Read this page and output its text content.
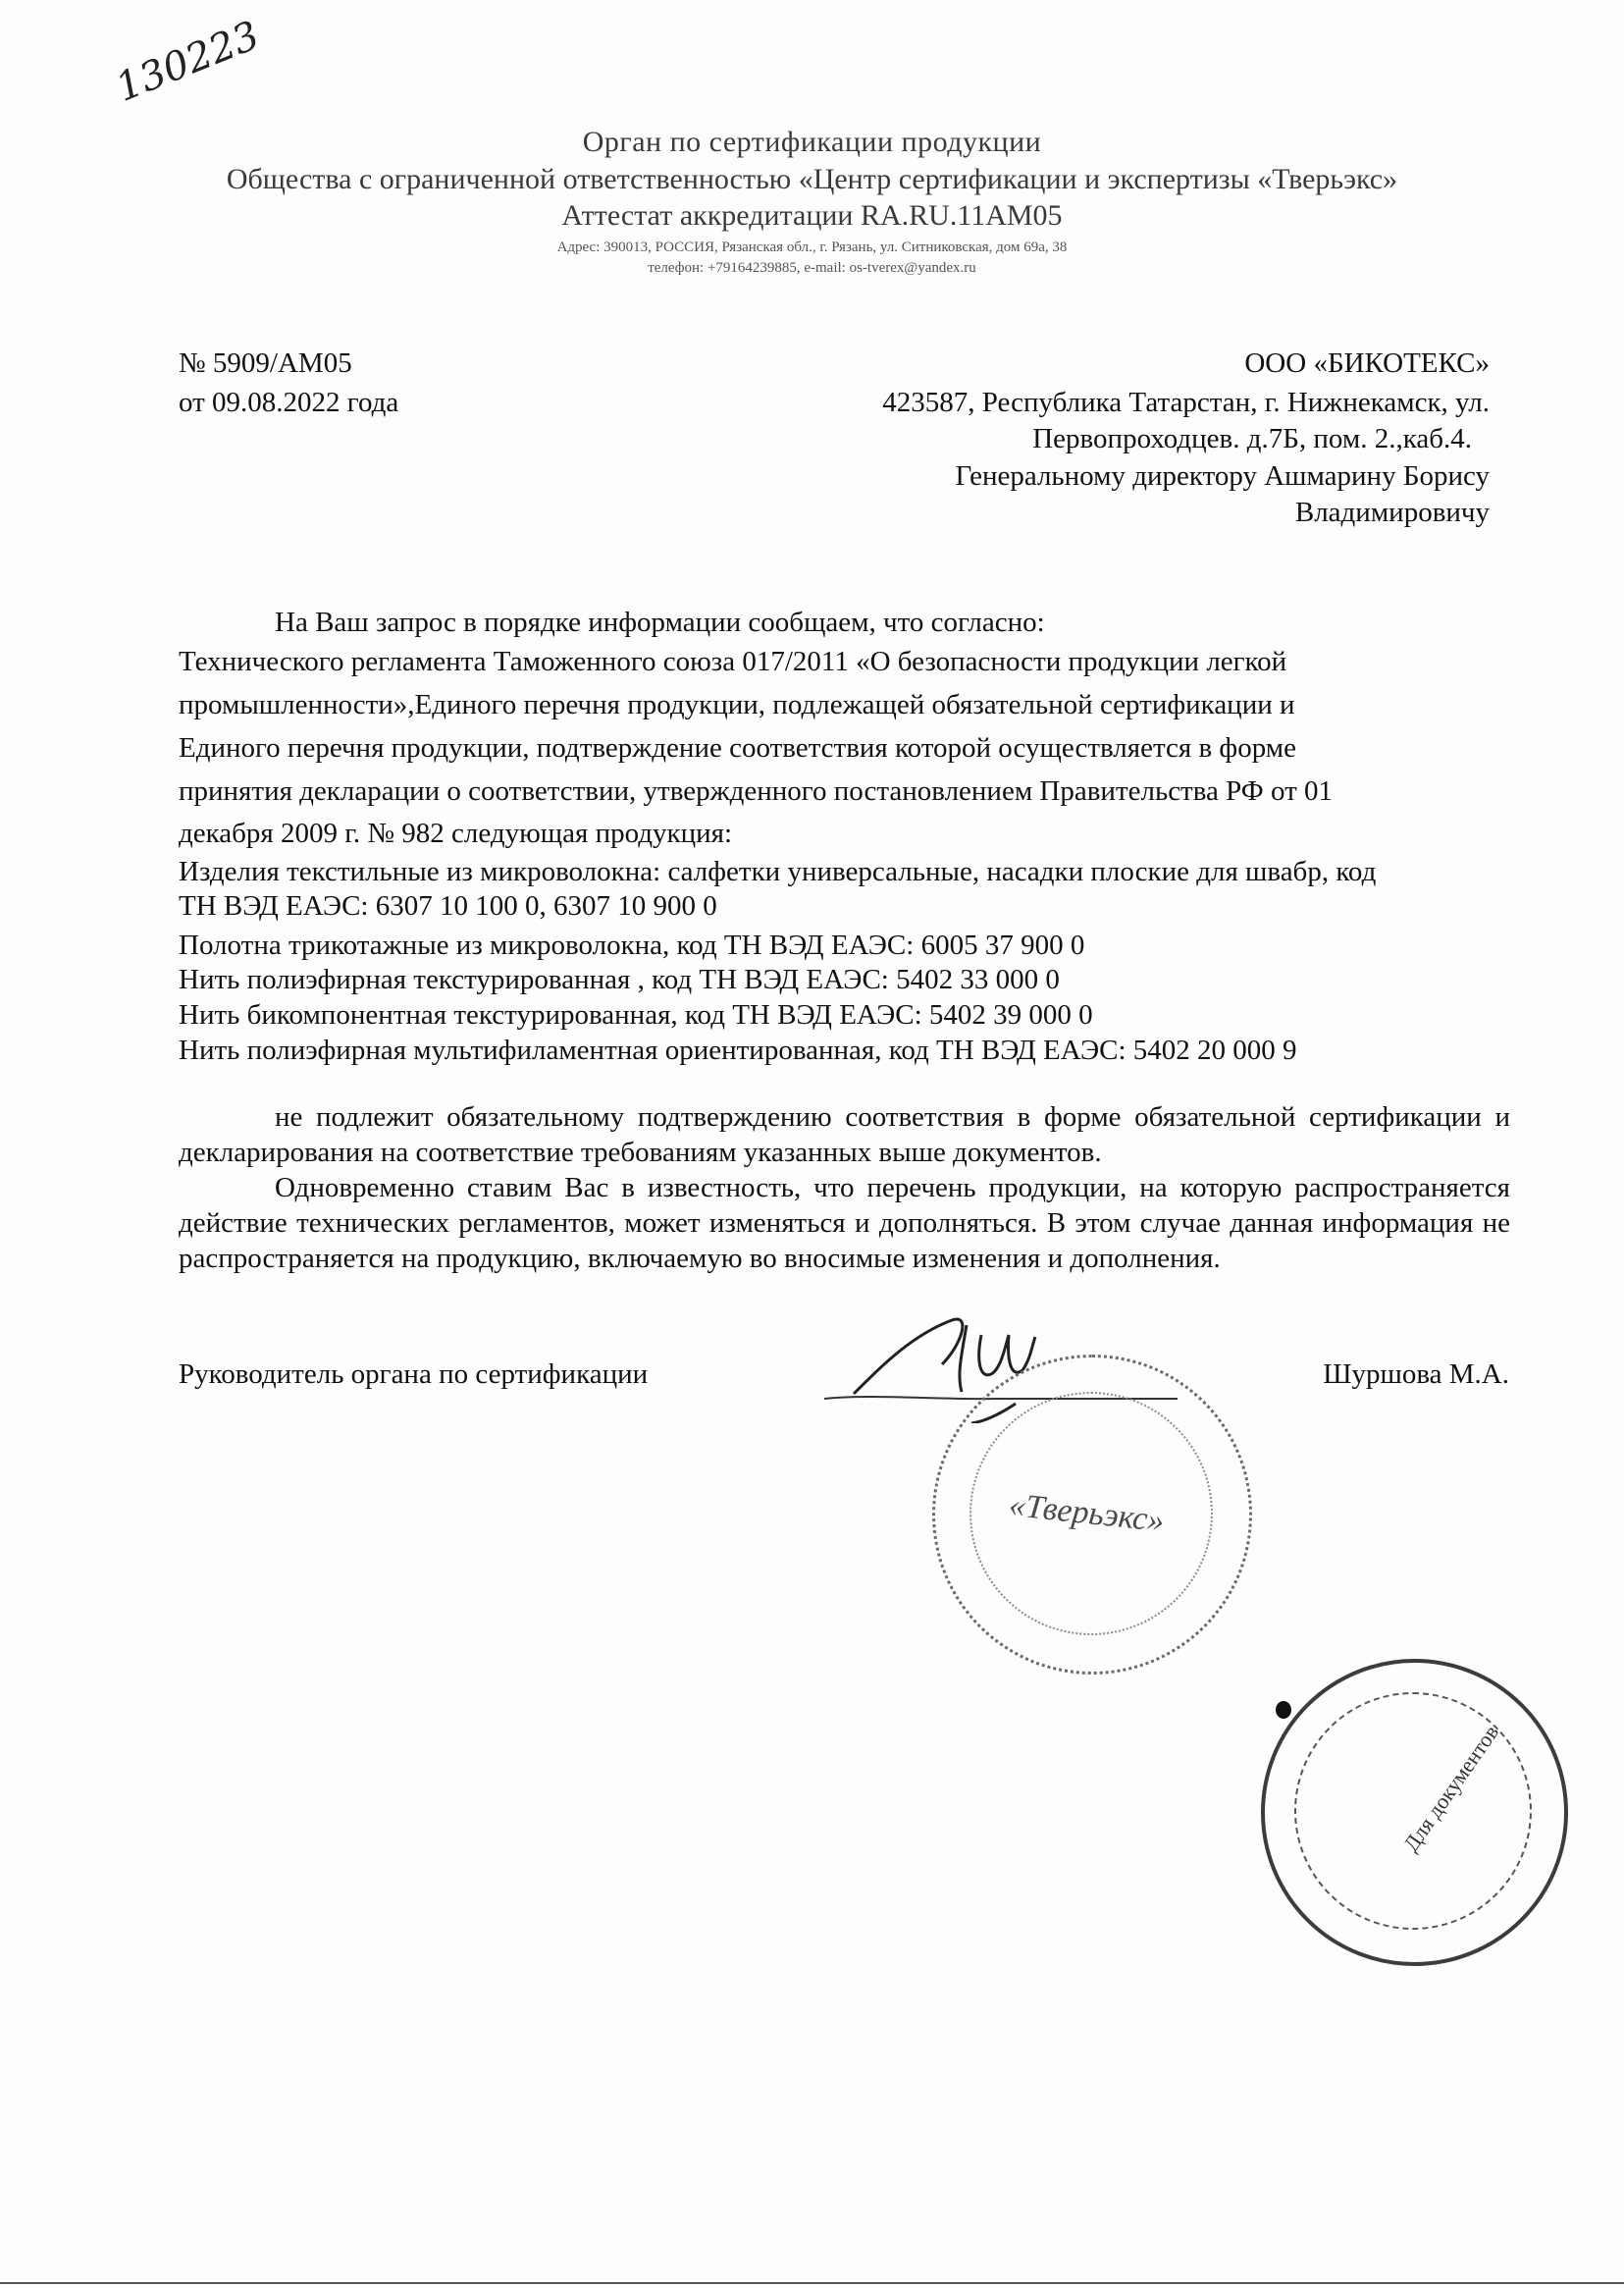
130223
Орган по сертификации продукции
Общества с ограниченной ответственностью «Центр сертификации и экспертизы «Тверьэкс»
Аттестат аккредитации RA.RU.11АМ05
Адрес: 390013, РОССИЯ, Рязанская обл., г. Рязань, ул. Ситниковская, дом 69а, 38
телефон: +79164239885, e-mail: os-tverex@yandex.ru
№ 5909/АМ05
от 09.08.2022 года
ООО «БИКОТЕКС»
423587, Республика Татарстан, г. Нижнекамск, ул.
Первопроходцев. д.7Б, пом. 2.,каб.4.
Генеральному директору Ашмарину Борису
Владимировичу
На Ваш запрос в порядке информации сообщаем, что согласно:
Технического регламента Таможенного союза 017/2011 «О безопасности продукции легкой
промышленности»,Единого перечня продукции, подлежащей обязательной сертификации и
Единого перечня продукции, подтверждение соответствия которой осуществляется в форме
принятия декларации о соответствии, утвержденного постановлением Правительства РФ от 01
декабря 2009 г. № 982 следующая продукция:
Изделия текстильные из микроволокна: салфетки универсальные, насадки плоские для швабр, код
ТН ВЭД ЕАЭС: 6307 10 100 0, 6307 10 900 0
Полотна трикотажные из микроволокна, код ТН ВЭД ЕАЭС: 6005 37 900 0
Нить полиэфирная текстурированная , код ТН ВЭД ЕАЭС: 5402 33 000 0
Нить бикомпонентная текстурированная, код ТН ВЭД ЕАЭС: 5402 39 000 0
Нить полиэфирная мультифиламентная ориентированная, код ТН ВЭД ЕАЭС: 5402 20 000 9
не подлежит обязательному подтверждению соответствия в форме обязательной сертификации и декларирования на соответствие требованиям указанных выше документов.
Одновременно ставим Вас в известность, что перечень продукции, на которую распространяется действие технических регламентов, может изменяться и дополняться. В этом случае данная информация не распространяется на продукцию, включаемую во вносимые изменения и дополнения.
Руководитель органа по сертификации	Шуршова М.А.
«Тверьэкс»
Для документов
